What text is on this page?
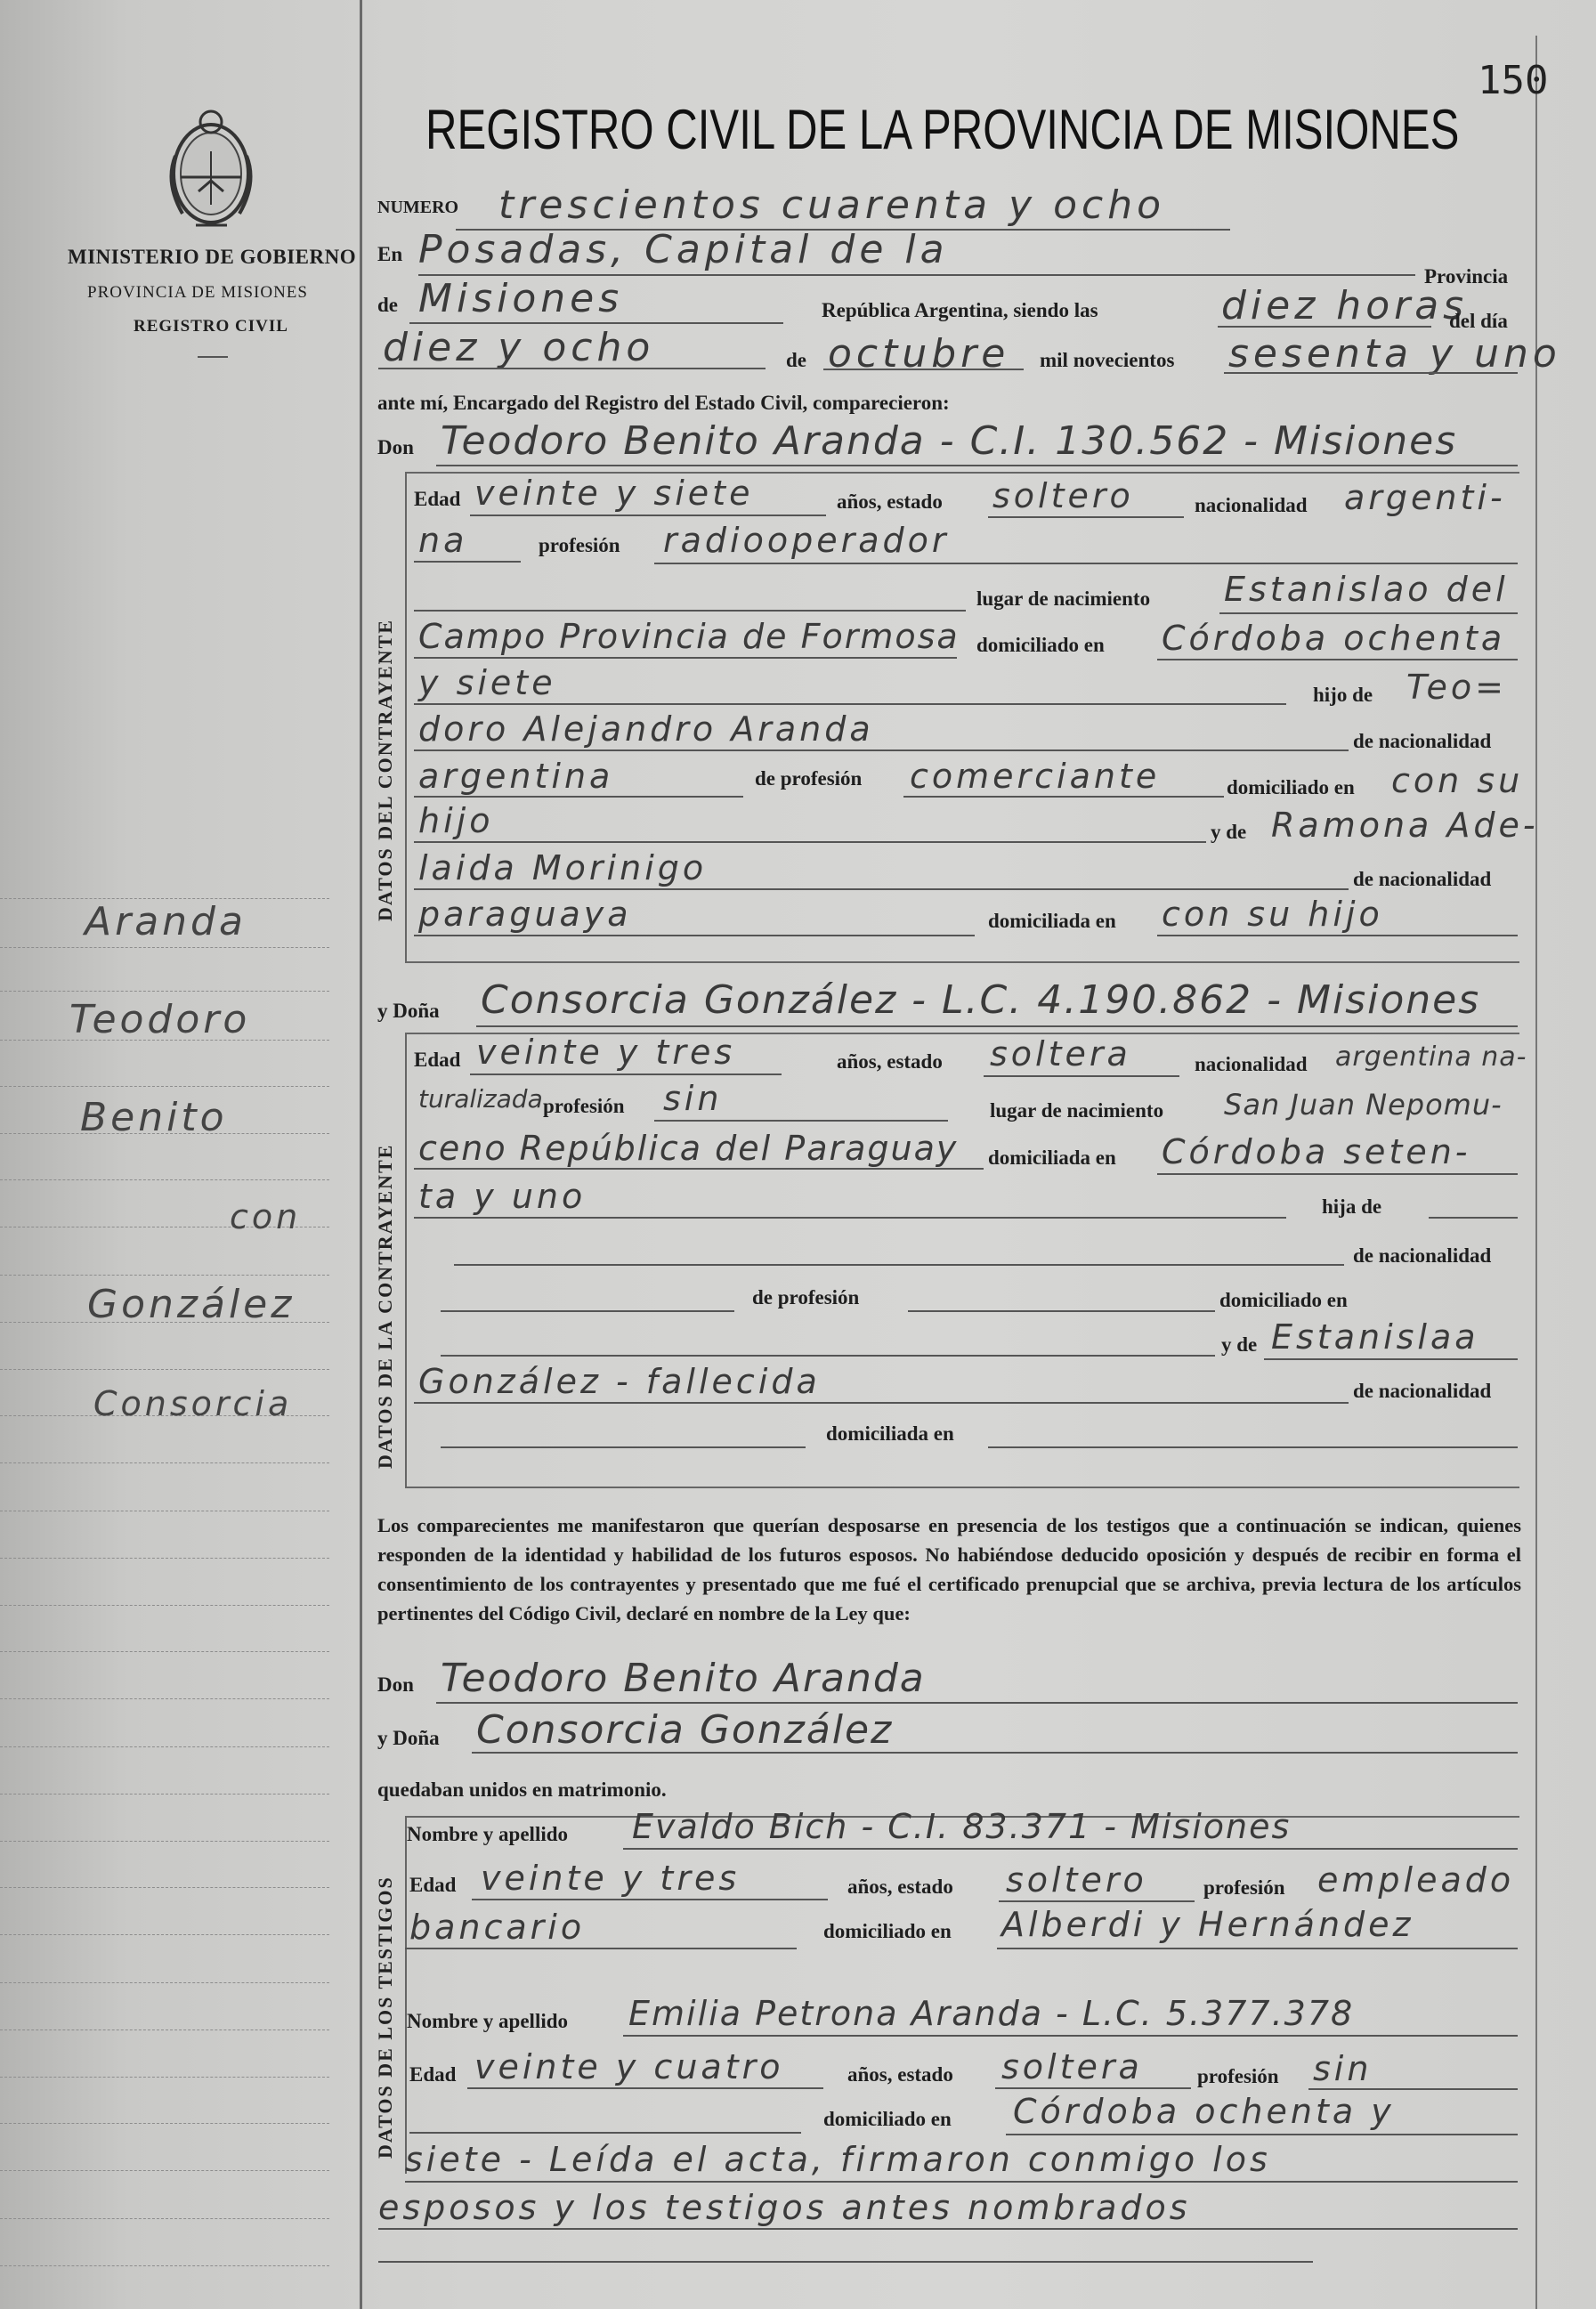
MINISTERIO DE GOBIERNO
PROVINCIA DE MISIONES
REGISTRO CIVIL
Aranda
Teodoro
Benito
con
González
Consorcia
150
REGISTRO CIVIL DE LA PROVINCIA DE MISIONES
NUMERO trescientos cuarenta y ocho
En Posadas, Capital de la
Provincia
de Misiones	República Argentina, siendo las	diez horas
del día
diez y ocho	de octubre mil novecientos sesenta y uno
ante mí, Encargado del Registro del Estado Civil, comparecieron:
Don Teodoro Benito Aranda - C.I. 130.562 - Misiones
DATOS DEL CONTRAYENTE
Edad veinte y siete	años, estado soltero	nacionalidad argenti-
na	profesión radiooperador
lugar de nacimiento Estanislao del
Campo Provincia de Formosa domiciliado en Córdoba ochenta
y siete	hijo de Teo=
doro Alejandro Aranda	de nacionalidad
argentina	de profesión comerciante	domiciliado en con su
hijo	y de Ramona Ade-
laida Morinigo	de nacionalidad
paraguaya	domiciliada en con su hijo
y Doña Consorcia González - L.C. 4.190.862 - Misiones
DATOS DE LA CONTRAYENTE
Edad veinte y tres	años, estado soltera	nacionalidad argentina na-
turalizada profesión sin	lugar de nacimiento San Juan Nepomu-
ceno República del Paraguay domiciliada en Córdoba seten-
ta y uno	hija de
de nacionalidad
de profesión	domiciliado en
y de Estanislaa
González - fallecida	de nacionalidad
domiciliada en
Los comparecientes me manifestaron que querían desposarse en presencia de los testigos que a continuación se indican, quienes responden de la identidad y habilidad de los futuros esposos. No habiéndose deducido oposición y después de recibir en forma el consentimiento de los contrayentes y presentado que me fué el certificado prenupcial que se archiva, previa lectura de los artículos pertinentes del Código Civil, declaré en nombre de la Ley que:
Don Teodoro Benito Aranda
y Doña Consorcia González
quedaban unidos en matrimonio.
DATOS DE LOS TESTIGOS
Nombre y apellido Evaldo Bich - C.I. 83.371 - Misiones
Edad veinte y tres	años, estado soltero	profesión empleado
bancario	domiciliado en Alberdi y Hernández
Nombre y apellido Emilia Petrona Aranda - L.C. 5.377.378
Edad veinte y cuatro	años, estado soltera	profesión sin
domiciliado en Córdoba ochenta y
siete - Leída el acta, firmaron conmigo los
esposos y los testigos antes nombrados
